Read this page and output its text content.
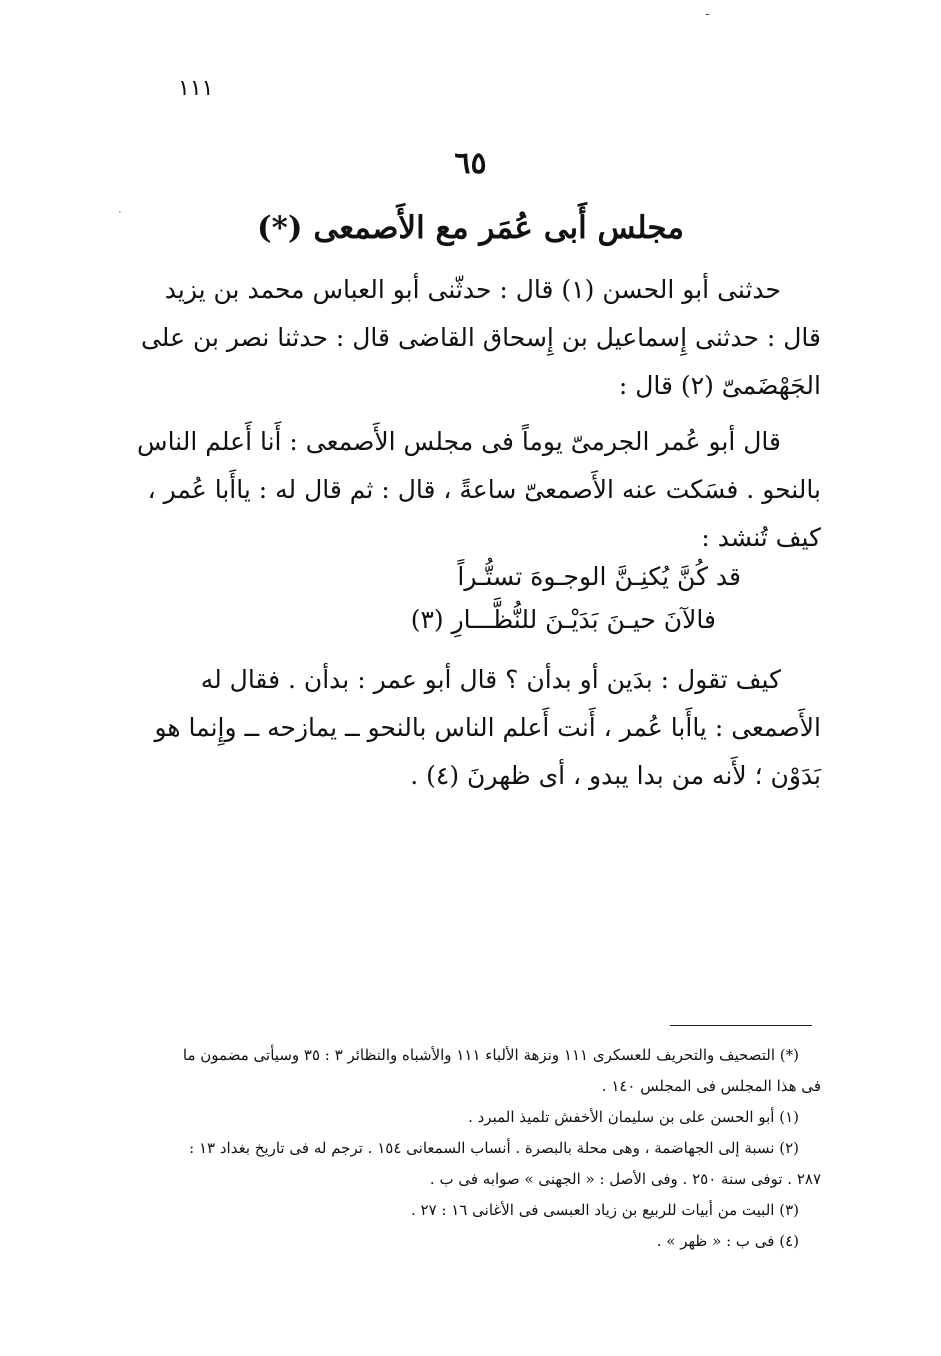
-
·
١١١
٦٥
مجلس أَبى عُمَر مع الأَصمعى (*)
حدثنى أبو الحسن (١) قال : حدثّنى أبو العباس محمد بن يزيد
قال : حدثنى إِسماعيل بن إِسحاق القاضى قال : حدثنا نصر بن على
الجَهْضَمىّ (٢) قال :
قال أبو عُمر الجرمىّ يوماً فى مجلس الأَصمعى : أَنا أَعلم الناس
بالنحو . فسَكت عنه الأَصمعىّ ساعةً ، قال : ثم قال له : ياأَبا عُمر ،
كيف تُنشد :
قد كُنَّ يُكنِـنَّ الوجـوهَ تستُّـراً
فالآنَ حيـنَ بَدَيْـنَ للنُّظَّـــارِ (٣)
كيف تقول : بدَين أو بدأن ؟ قال أبو عمر : بدأن . فقال له
الأَصمعى : ياأَبا عُمر ، أَنت أَعلم الناس بالنحو ــ يمازحه ــ وإِنما هو
بَدَوْن ؛ لأَنه من بدا يبدو ، أى ظهرنَ (٤) .
(*) التصحيف والتحريف للعسكرى ١١١ ونزهة الألباء ١١١ والأشباه والنظائر ٣ : ٣٥ وسيأتى مضمون ما
فى هذا المجلس فى المجلس ١٤٠ .
(١) أبو الحسن على بن سليمان الأخفش تلميذ المبرد .
(٢) نسبة إلى الجهاضمة ، وهى محلة بالبصرة . أنساب السمعانى ١٥٤ . ترجم له فى تاريخ بغداد ١٣ :
٢٨٧ . توفى سنة ٢٥٠ . وفى الأصل : « الجهنى » صوابه فى ب .
(٣) البيت من أبيات للربيع بن زياد العبسى فى الأغانى ١٦ : ٢٧ .
(٤) فى ب : « ظهر » .
